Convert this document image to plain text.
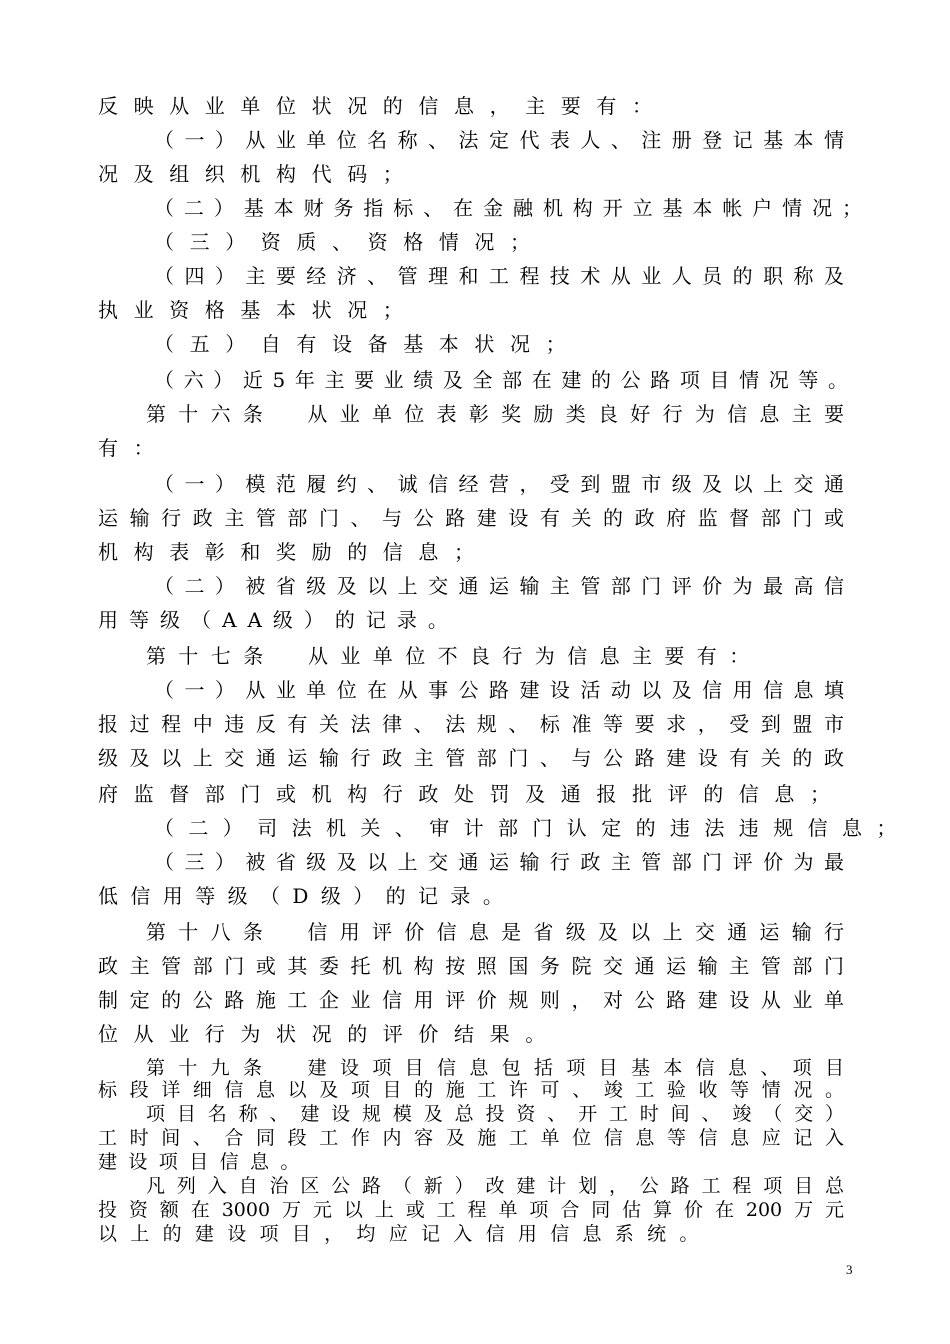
反映从业单位状况的信息，主要有：
（一）从业单位名称、法定代表人、注册登记基本情
况及组织机构代码；
（二）基本财务指标、在金融机构开立基本帐户情况；
（三）资质、资格情况；
（四）主要经济、管理和工程技术从业人员的职称及
执业资格基本状况；
（五）自有设备基本状况；
（六）近5年主要业绩及全部在建的公路项目情况等。
第十六条　从业单位表彰奖励类良好行为信息主要
有：
（一）模范履约、诚信经营，受到盟市级及以上交通
运输行政主管部门、与公路建设有关的政府监督部门或
机构表彰和奖励的信息；
（二）被省级及以上交通运输主管部门评价为最高信
用等级（AA级）的记录。
第十七条　从业单位不良行为信息主要有：
（一）从业单位在从事公路建设活动以及信用信息填
报过程中违反有关法律、法规、标准等要求，受到盟市
级及以上交通运输行政主管部门、与公路建设有关的政
府监督部门或机构行政处罚及通报批评的信息；
（二）司法机关、审计部门认定的违法违规信息；
（三）被省级及以上交通运输行政主管部门评价为最
低信用等级（D级）的记录。
第十八条　信用评价信息是省级及以上交通运输行
政主管部门或其委托机构按照国务院交通运输主管部门
制定的公路施工企业信用评价规则，对公路建设从业单
位从业行为状况的评价结果。
第十九条　建设项目信息包括项目基本信息、项目
标段详细信息以及项目的施工许可、竣工验收等情况。
项目名称、建设规模及总投资、开工时间、竣（交）
工时间、合同段工作内容及施工单位信息等信息应记入
建设项目信息。
凡列入自治区公路（新）改建计划，公路工程项目总
投资额在3000万元以上或工程单项合同估算价在200万元
以上的建设项目，均应记入信用信息系统。
3
